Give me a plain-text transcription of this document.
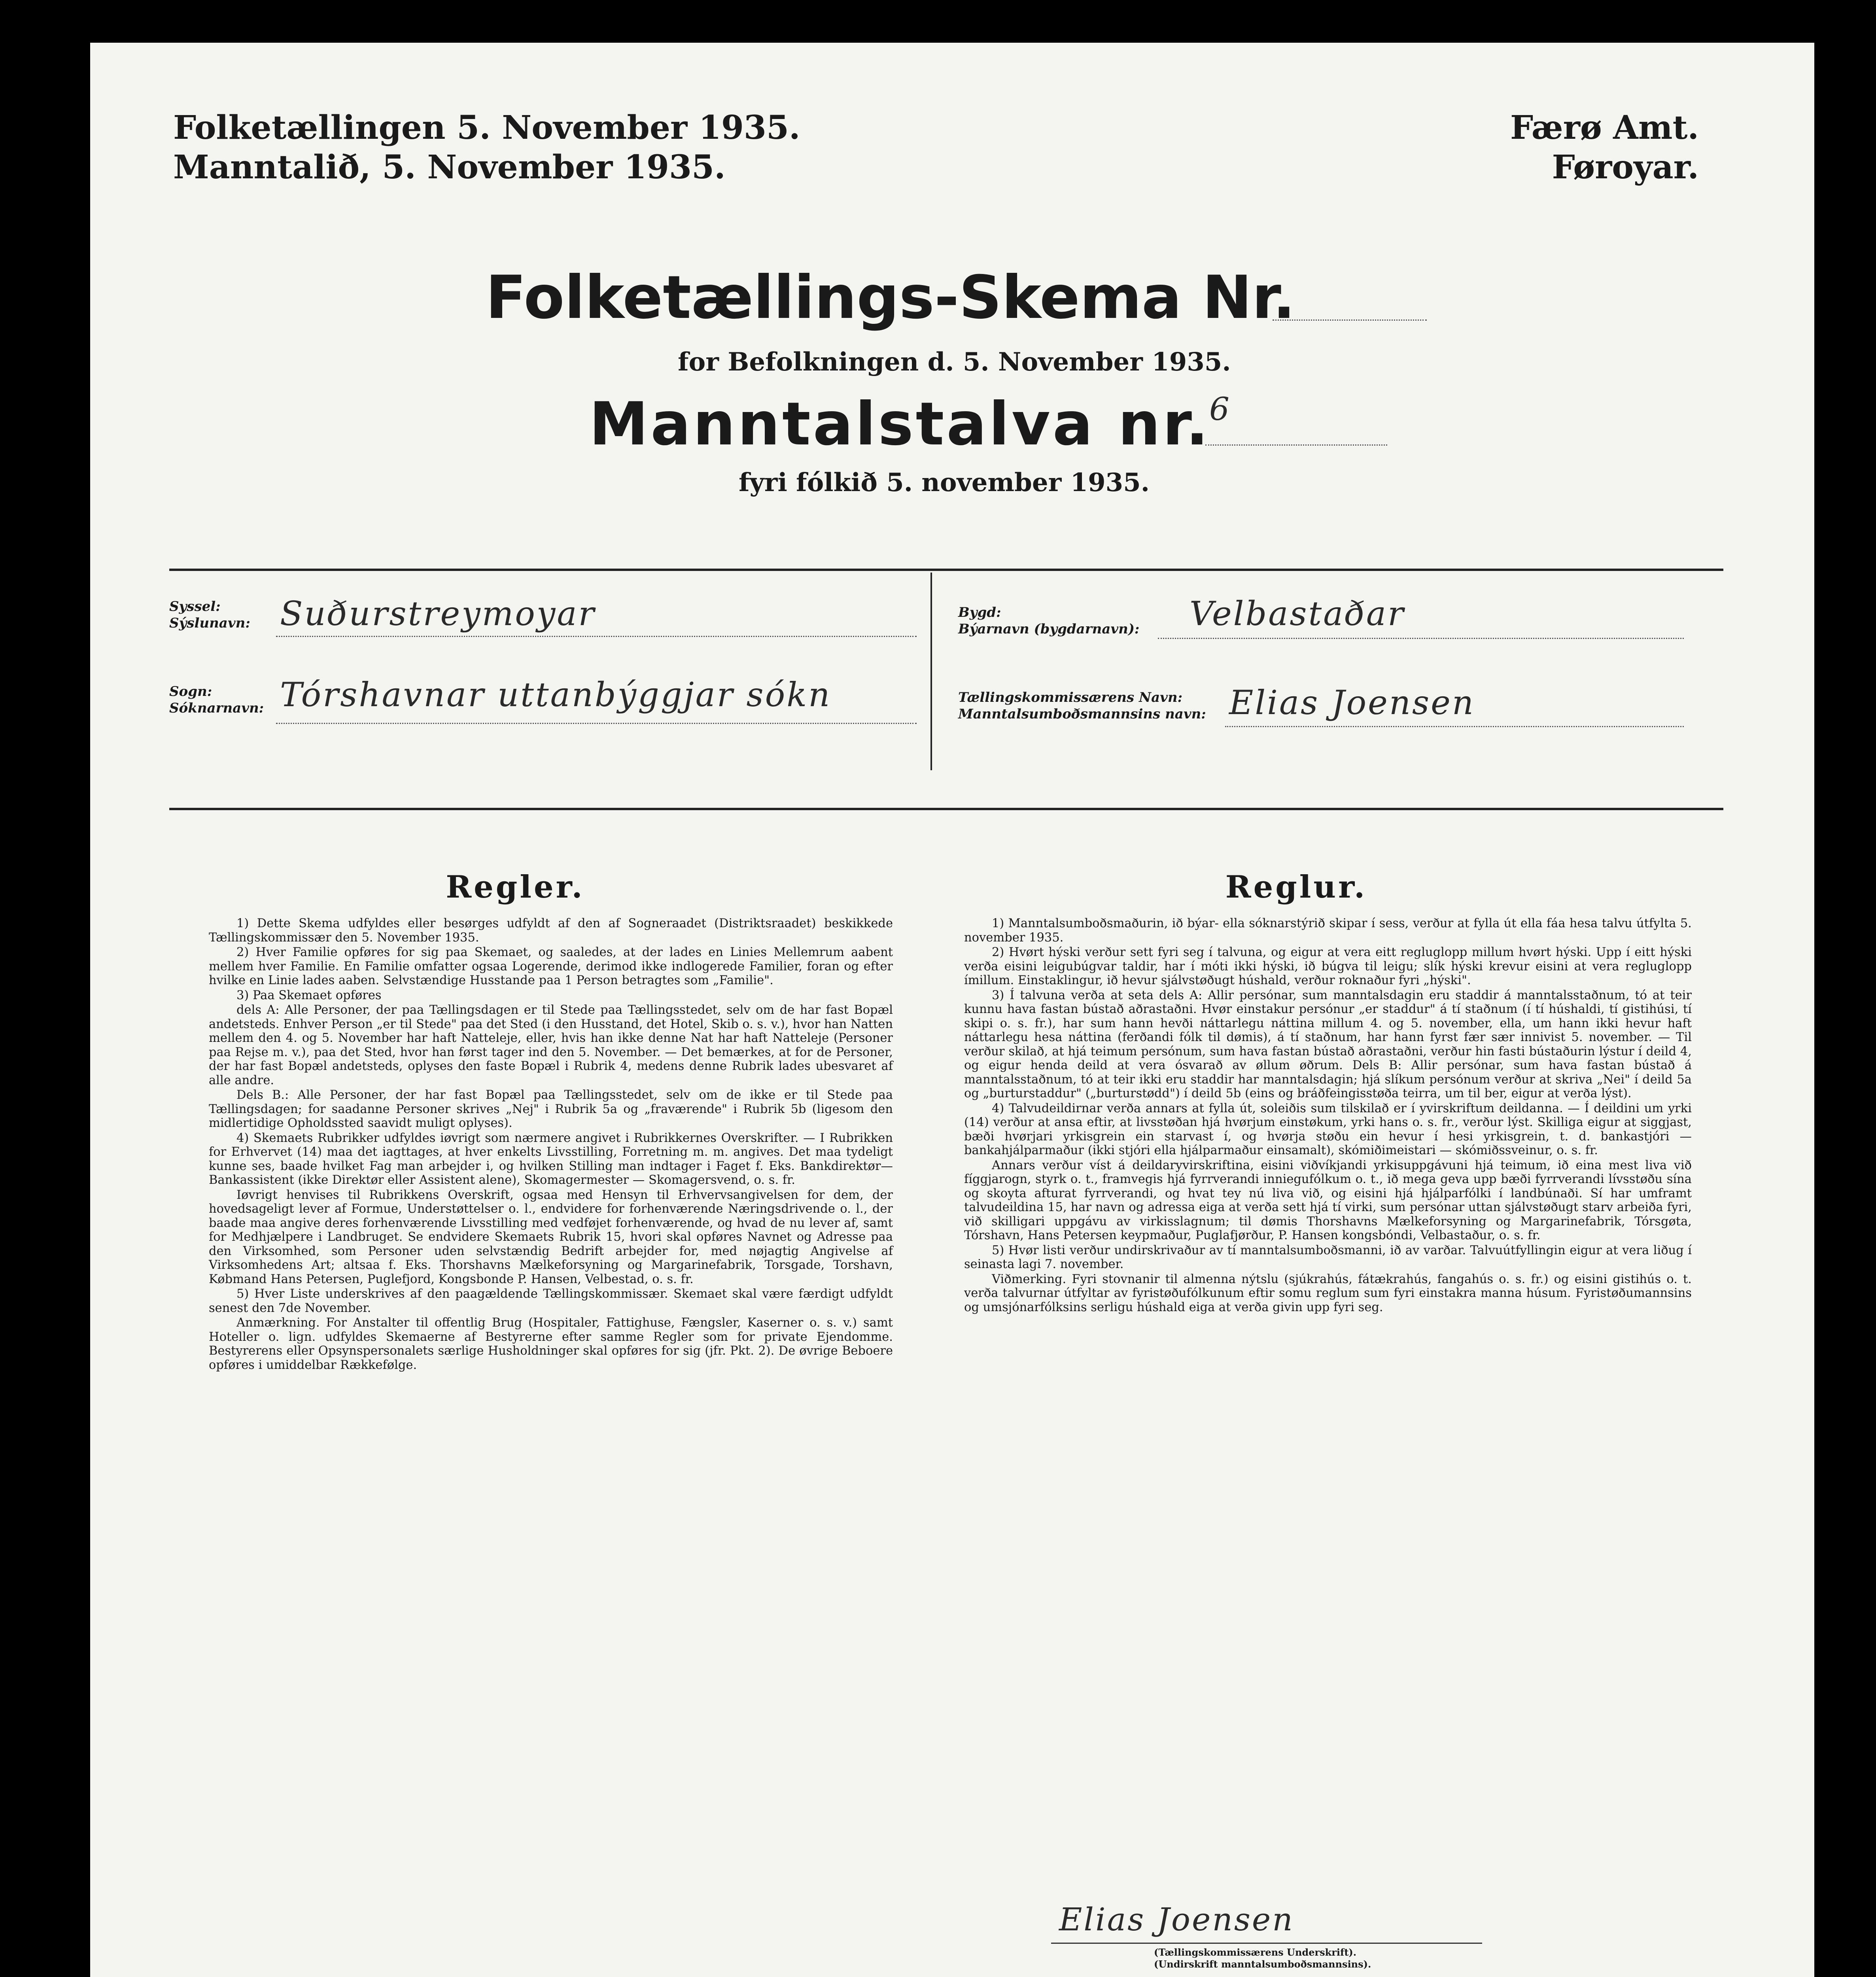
Folketællingen 5. November 1935.
Manntalið, 5. November 1935.
Færø Amt.
Føroyar.
Folketællings-Skema Nr.
for Befolkningen d. 5. November 1935.
Manntalstalva nr.
6
fyri fólkið 5. november 1935.
Syssel:
Sýslunavn: Suðurstreymoyar
Sogn:
Sóknarnavn: Tórshavnar uttanbýggjar sókn
Bygd:
Býarnavn (bygdarnavn): Velbastaðar
Tællingskommissærens Navn:
Manntalsumboðsmannsins navn: Elias Joensen
Regler.

1) Dette Skema udfyldes eller besørges udfyldt af den af Sogneraadet (Distriktsraadet) beskikkede Tællingskommissær den 5. November 1935.

2) Hver Familie opføres for sig paa Skemaet, og saaledes, at der lades en Linies Mellemrum aabent mellem hver Familie. En Familie omfatter ogsaa Logerende, derimod ikke indlogerede Familier, foran og efter hvilke en Linie lades aaben. Selvstændige Husstande paa 1 Person betragtes som „Familie".

3) Paa Skemaet opføres

dels A: Alle Personer, der paa Tællingsdagen er til Stede paa Tællingsstedet, selv om de har fast Bopæl andetsteds. Enhver Person „er til Stede" paa det Sted (i den Husstand, det Hotel, Skib o. s. v.), hvor han Natten mellem den 4. og 5. November har haft Natteleje, eller, hvis han ikke denne Nat har haft Natteleje (Personer paa Rejse m. v.), paa det Sted, hvor han først tager ind den 5. November. — Det bemærkes, at for de Personer, der har fast Bopæl andetsteds, oplyses den faste Bopæl i Rubrik 4, medens denne Rubrik lades ubesvaret af alle andre.

Dels B.: Alle Personer, der har fast Bopæl paa Tællingsstedet, selv om de ikke er til Stede paa Tællingsdagen; for saadanne Personer skrives „Nej" i Rubrik 5a og „fraværende" i Rubrik 5b (ligesom den midlertidige Opholdssted saavidt muligt oplyses).

4) Skemaets Rubrikker udfyldes iøvrigt som nærmere angivet i Rubrikkernes Overskrifter. — I Rubrikken for Erhvervet (14) maa det iagttages, at hver enkelts Livsstilling, Forretning m. m. angives. Det maa tydeligt kunne ses, baade hvilket Fag man arbejder i, og hvilken Stilling man indtager i Faget f. Eks. Bankdirektør—Bankassistent (ikke Direktør eller Assistent alene), Skomagermester — Skomagersvend, o. s. fr.

Iøvrigt henvises til Rubrikkens Overskrift, ogsaa med Hensyn til Erhvervsangivelsen for dem, der hovedsageligt lever af Formue, Understøttelser o. l., endvidere for forhenværende Næringsdrivende o. l., der baade maa angive deres forhenværende Livsstilling med vedføjet forhenværende, og hvad de nu lever af, samt for Medhjælpere i Landbruget. Se endvidere Skemaets Rubrik 15, hvori skal opføres Navnet og Adresse paa den Virksomhed, som Personer uden selvstændig Bedrift arbejder for, med nøjagtig Angivelse af Virksomhedens Art; altsaa f. Eks. Thorshavns Mælkeforsyning og Margarinefabrik, Torsgade, Torshavn, Købmand Hans Petersen, Puglefjord, Kongsbonde P. Hansen, Velbestad, o. s. fr.

5) Hver Liste underskrives af den paagældende Tællingskommissær. Skemaet skal være færdigt udfyldt senest den 7de November.

Anmærkning. For Anstalter til offentlig Brug (Hospitaler, Fattighuse, Fængsler, Kaserner o. s. v.) samt Hoteller o. lign. udfyldes Skemaerne af Bestyrerne efter samme Regler som for private Ejendomme. Bestyrerens eller Opsynspersonalets særlige Husholdninger skal opføres for sig (jfr. Pkt. 2). De øvrige Beboere opføres i umiddelbar Rækkefølge.

Reglur.

1) Manntalsumboðsmaðurin, ið býar- ella sóknarstýrið skipar í sess, verður at fylla út ella fáa hesa talvu útfylta 5. november 1935.

2) Hvørt hýski verður sett fyri seg í talvuna, og eigur at vera eitt regluglopp millum hvørt hýski. Upp í eitt hýski verða eisini leigubúgvar taldir, har í móti ikki hýski, ið búgva til leigu; slík hýski krevur eisini at vera regluglopp ímillum. Einstaklingur, ið hevur sjálvstøðugt húshald, verður roknaður fyri „hýski".

3) Í talvuna verða at seta dels A: Allir persónar, sum manntalsdagin eru staddir á manntalsstaðnum, tó at teir kunnu hava fastan bústað aðrastaðni. Hvør einstakur persónur „er staddur" á tí staðnum (í tí húshaldi, tí gistihúsi, tí skipi o. s. fr.), har sum hann hevði náttarlegu náttina millum 4. og 5. november, ella, um hann ikki hevur haft náttarlegu hesa náttina (ferðandi fólk til dømis), á tí staðnum, har hann fyrst fær sær innivist 5. november. — Til verður skilað, at hjá teimum persónum, sum hava fastan bústað aðrastaðni, verður hin fasti bústaðurin lýstur í deild 4, og eigur henda deild at vera ósvarað av øllum øðrum. Dels B: Allir persónar, sum hava fastan bústað á manntalsstaðnum, tó at teir ikki eru staddir har manntalsdagin; hjá slíkum persónum verður at skriva „Nei" í deild 5a og „burturstaddur" („burturstødd") í deild 5b (eins og bráðfeingisstøða teirra, um til ber, eigur at verða lýst).

4) Talvudeildirnar verða annars at fylla út, soleiðis sum tilskilað er í yvirskriftum deildanna. — Í deildini um yrki (14) verður at ansa eftir, at livsstøðan hjá hvørjum einstøkum, yrki hans o. s. fr., verður lýst. Skilliga eigur at siggjast, bæði hvørjari yrkisgrein ein starvast í, og hvørja støðu ein hevur í hesi yrkisgrein, t. d. bankastjóri — bankahjálparmaður (ikki stjóri ella hjálparmaður einsamalt), skómiðimeistari — skómiðssveinur, o. s. fr.

Annars verður víst á deildaryvirskriftina, eisini viðvíkjandi yrkisuppgávuni hjá teimum, ið eina mest liva við fíggjarogn, styrk o. t., framvegis hjá fyrrverandi inniegufólkum o. t., ið mega geva upp bæði fyrrverandi lívsstøðu sína og skoyta afturat fyrrverandi, og hvat tey nú liva við, og eisini hjá hjálparfólki í landbúnaði. Sí har umframt talvudeildina 15, har navn og adressa eiga at verða sett hjá tí virki, sum persónar uttan sjálvstøðugt starv arbeiða fyri, við skilligari uppgávu av virkisslagnum; til dømis Thorshavns Mælkeforsyning og Margarinefabrik, Tórsgøta, Tórshavn, Hans Petersen keypmaður, Puglafjørður, P. Hansen kongsbóndi, Velbastaður, o. s. fr.

5) Hvør listi verður undirskrivaður av tí manntalsumboðsmanni, ið av varðar. Talvuútfyllingin eigur at vera liðug í seinasta lagi 7. november.

Viðmerking. Fyri stovnanir til almenna nýtslu (sjúkrahús, fátækrahús, fangahús o. s. fr.) og eisini gistihús o. t. verða talvurnar útfyltar av fyristøðufólkunum eftir somu reglum sum fyri einstakra manna húsum. Fyristøðumannsins og umsjónarfólksins serligu húshald eiga at verða givin upp fyri seg.

Elias Joensen
(Tællingskommissærens Underskrift).
(Undirskrift manntalsumboðsmannsins).
